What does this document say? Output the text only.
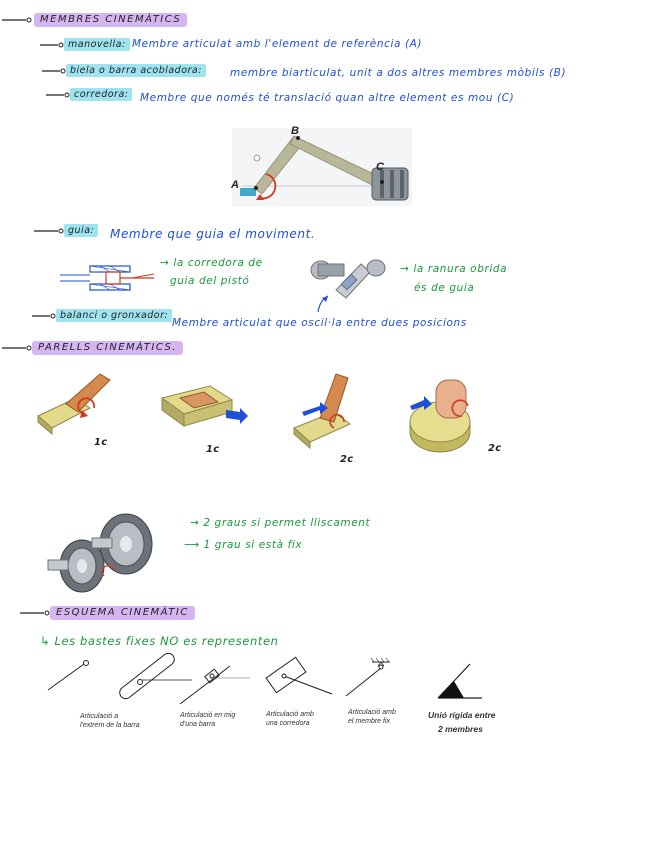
MEMBRES CINEMÀTICS
manovella: Membre articulat amb l'element de referència (A)
biela o barra acobladora:	membre biarticulat, unit a dos altres membres mòbils (B)
corredora:	Membre que només té translació quan altre element es mou (C)
A
B
C
guia:	Membre que guia el moviment.
→ la corredora de
guia del pistó
→ la ranura obrida
és de guia
balanci o gronxador:
Membre articulat que oscil·la entre dues posicions
PARELLS CINEMÀTICS.
1c
1c
2c
2c
→ 2 graus si permet lliscament
⟶ 1 grau si està fix
ESQUEMA CINEMÀTIC
↳ Les bastes fixes NO es representen
Articulació a
l'extrem de la barra
Articulació en mig
d'una barra
Articulació amb
una corredora
Articulació amb
el membre fix
Unió rígida entre
2 membres
